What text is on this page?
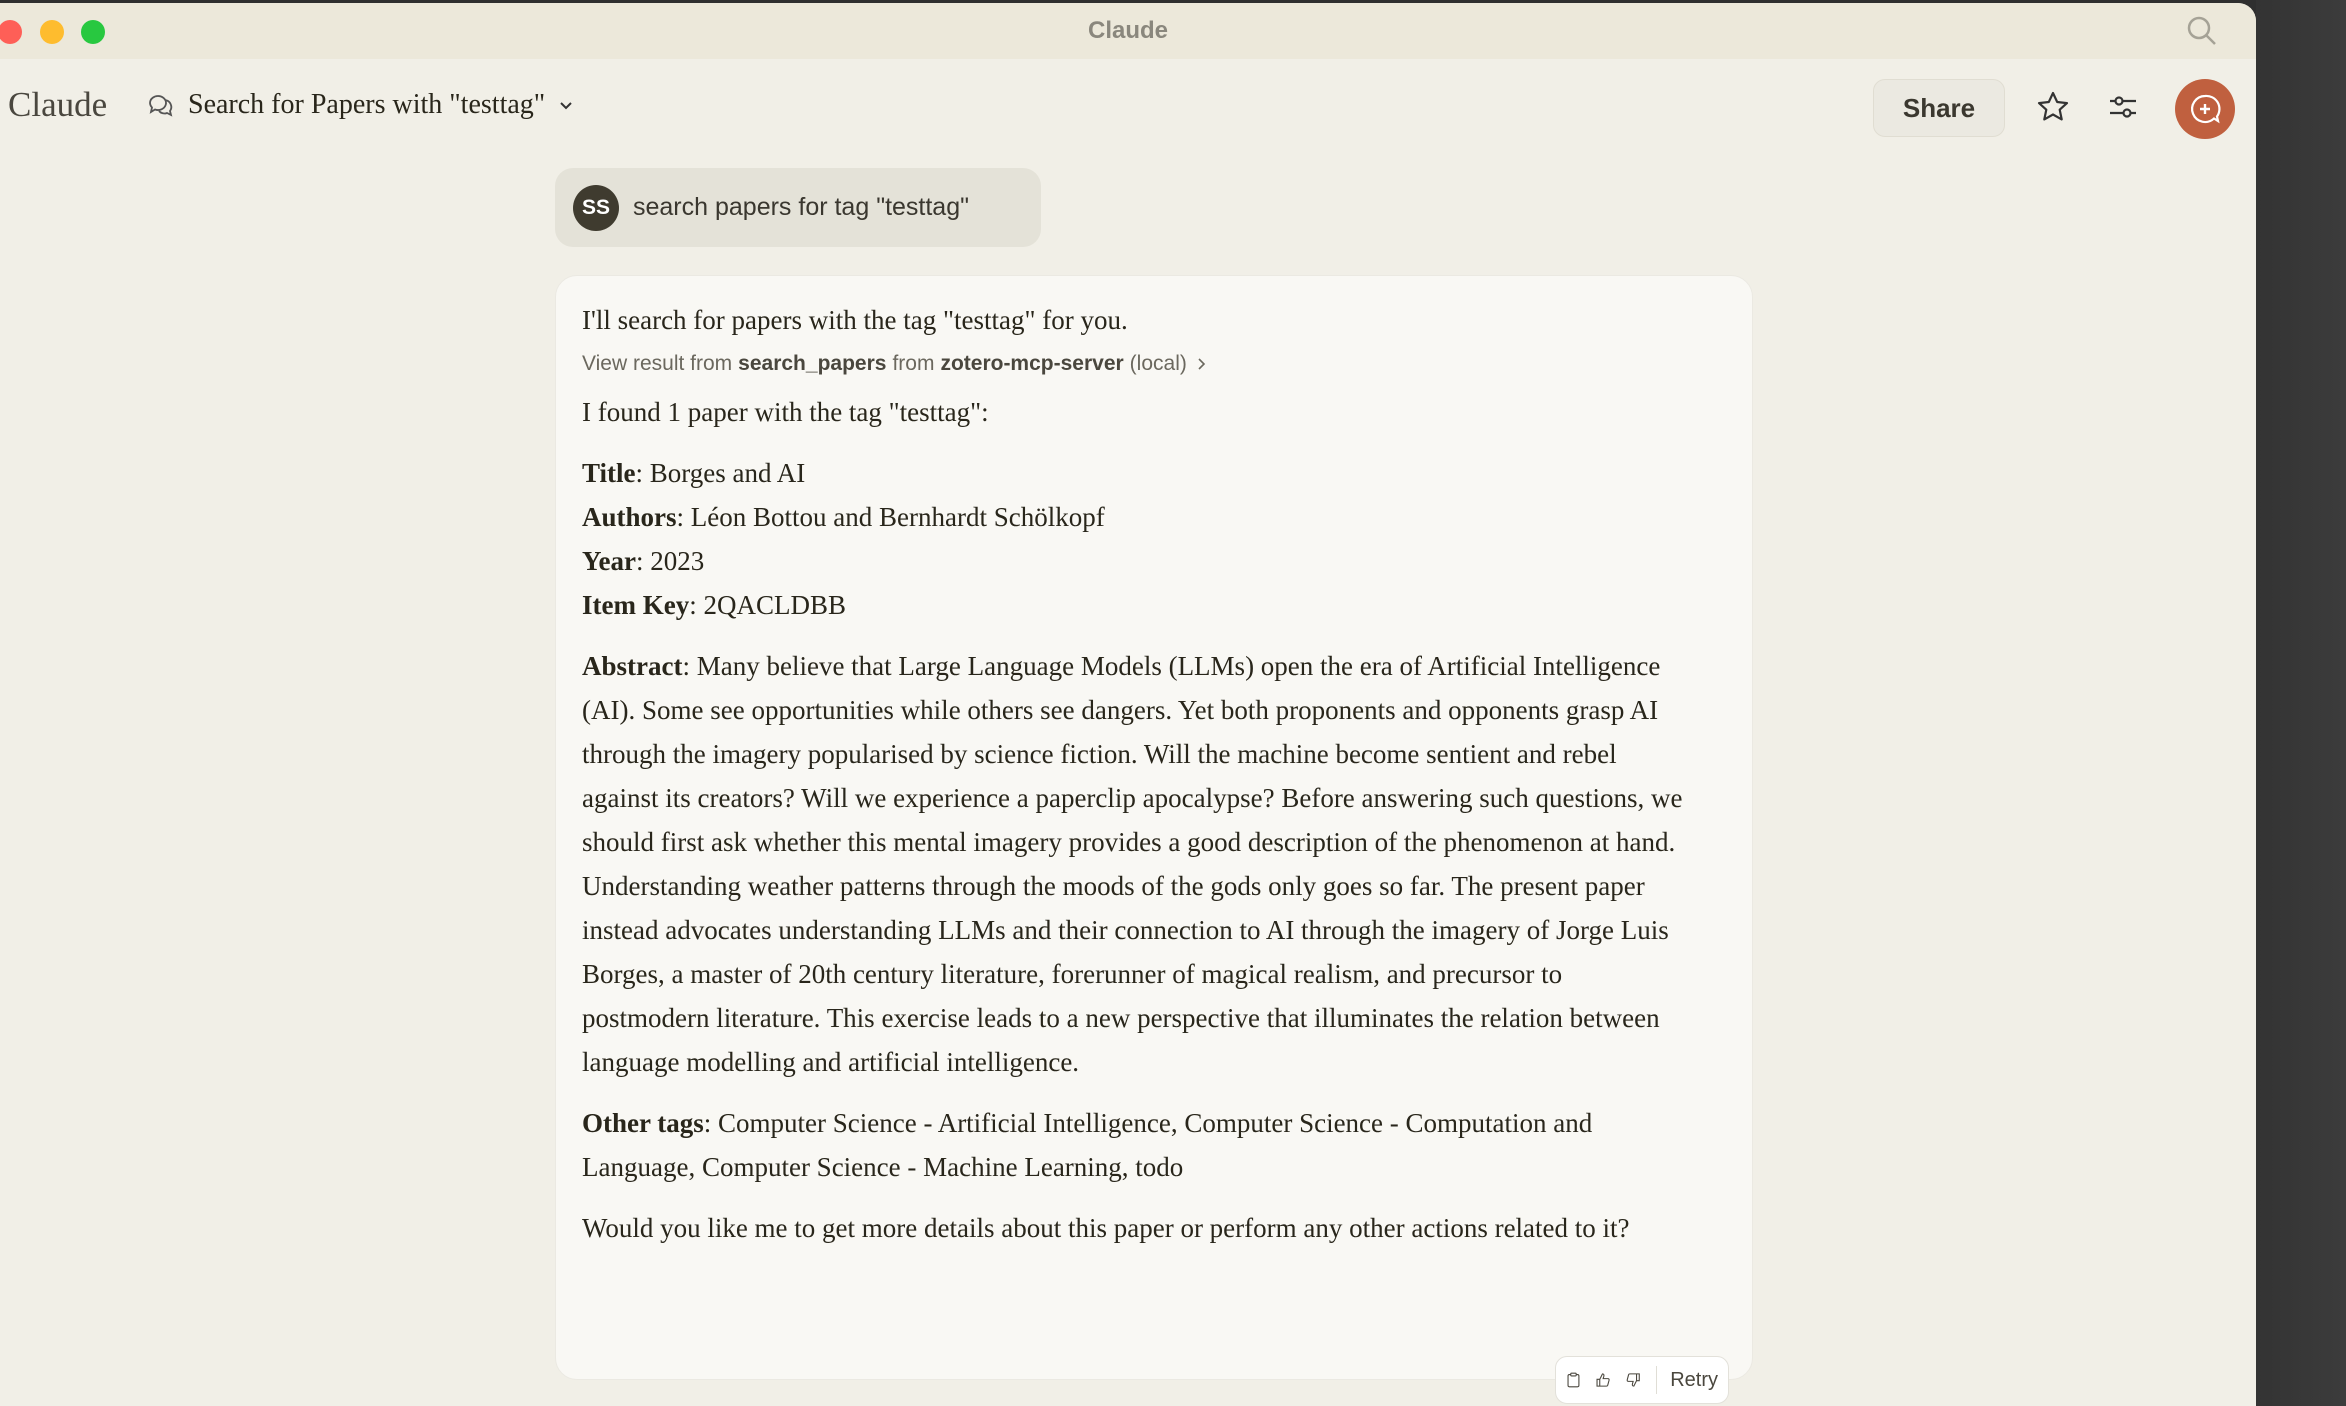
Claude
Claude	Search for Papers with "testtag"	Share
SS search papers for tag "testtag"

I'll search for papers with the tag "testtag" for you.

View result from search_papers from zotero-mcp-server (local)

I found 1 paper with the tag "testtag":

Title: Borges and AI

Authors: Léon Bottou and Bernhardt Schölkopf

Year: 2023

Item Key: 2QACLDBB

Abstract: Many believe that Large Language Models (LLMs) open the era of Artificial Intelligence (AI). Some see opportunities while others see dangers. Yet both proponents and opponents grasp AI through the imagery popularised by science fiction. Will the machine become sentient and rebel against its creators? Will we experience a paperclip apocalypse? Before answering such questions, we should first ask whether this mental imagery provides a good description of the phenomenon at hand. Understanding weather patterns through the moods of the gods only goes so far. The present paper instead advocates understanding LLMs and their connection to AI through the imagery of Jorge Luis Borges, a master of 20th century literature, forerunner of magical realism, and precursor to postmodern literature. This exercise leads to a new perspective that illuminates the relation between language modelling and artificial intelligence.

Other tags: Computer Science - Artificial Intelligence, Computer Science - Computation and Language, Computer Science - Machine Learning, todo

Would you like me to get more details about this paper or perform any other actions related to it?

Retry
